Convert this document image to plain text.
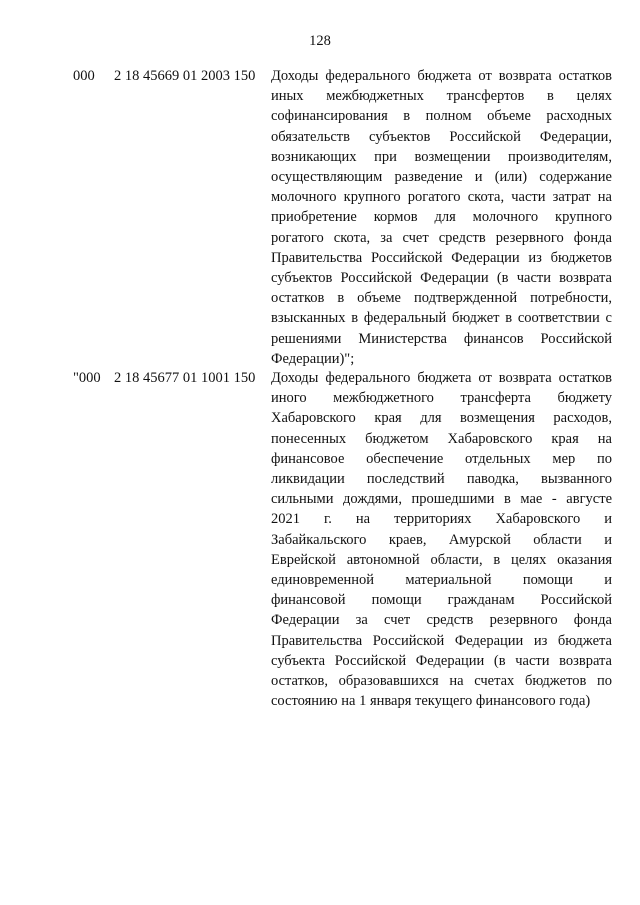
128
000 2 18 45669 01 2003 150 Доходы федерального бюджета от возврата остатков
иных межбюджетных трансфертов в целях
софинансирования в полном объеме расходных
обязательств субъектов Российской Федерации,
возникающих при возмещении производителям,
осуществляющим разведение и (или) содержание
молочного крупного рогатого скота, части затрат на
приобретение кормов для молочного крупного
рогатого скота, за счет средств резервного фонда
Правительства Российской Федерации из бюджетов
субъектов Российской Федерации (в части возврата
остатков в объеме подтвержденной потребности,
взысканных в федеральный бюджет в соответствии с
решениями Министерства финансов Российской
Федерации)";
"000 2 18 45677 01 1001 150 Доходы федерального бюджета от возврата остатков
иного межбюджетного трансферта бюджету
Хабаровского края для возмещения расходов,
понесенных бюджетом Хабаровского края на
финансовое обеспечение отдельных мер по
ликвидации последствий паводка, вызванного
сильными дождями, прошедшими в мае - августе
2021 г. на территориях Хабаровского и
Забайкальского краев, Амурской области и
Еврейской автономной области, в целях оказания
единовременной материальной помощи и
финансовой помощи гражданам Российской
Федерации за счет средств резервного фонда
Правительства Российской Федерации из бюджета
субъекта Российской Федерации (в части возврата
остатков, образовавшихся на счетах бюджетов по
состоянию на 1 января текущего финансового года)
